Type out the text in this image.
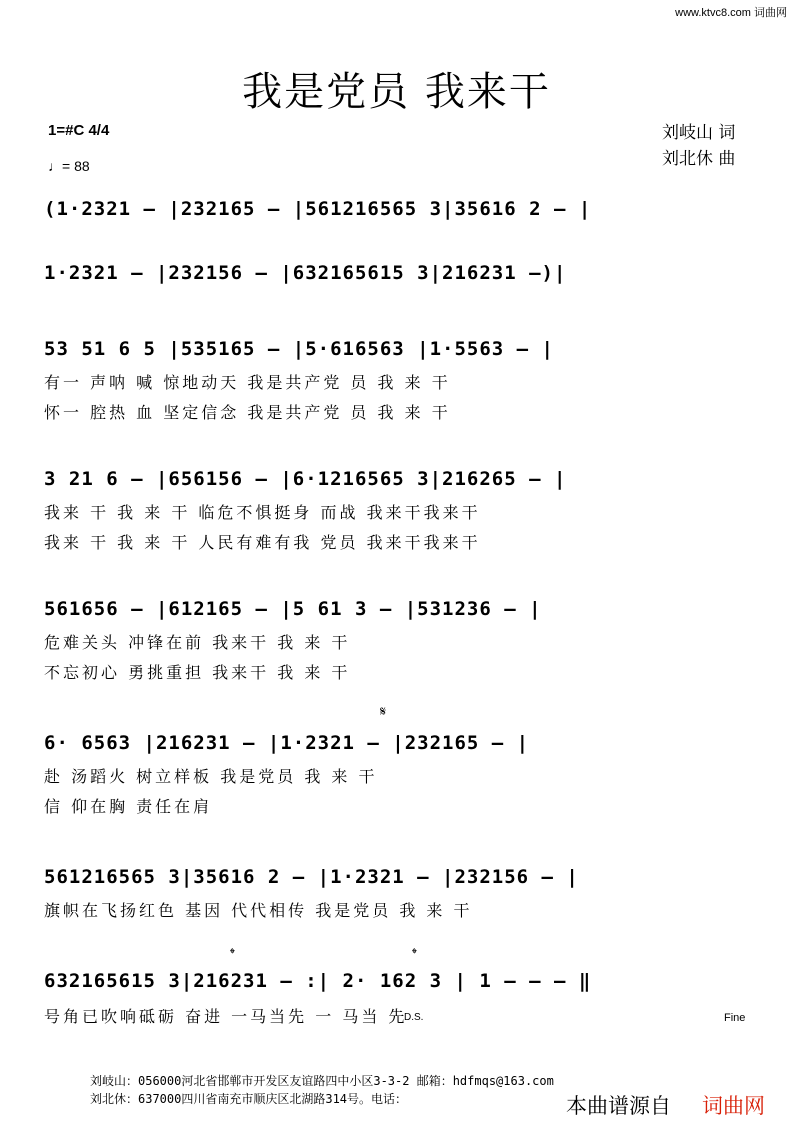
www.ktvc8.com 词曲网
我是党员 我来干
1=#C 4/4
♩= 88
刘岐山 词
刘北休 曲
(1·2321 – |232165 – |561216565 3|35616 2 – |
1·2321 – |232156 – |632165615 3|216231 –)|
53 51 6 5 |535165 – |5·616563 |1·5563 – |
有一 声呐 喊 惊地动天 我是共产党 员 我 来 干
怀一 腔热 血 坚定信念 我是共产党 员 我 来 干
3 21 6 – |656156 – |6·1216565 3|216265 – |
我来 干 我 来 干 临危不惧挺身 而战 我来干我来干
我来 干 我 来 干 人民有难有我 党员 我来干我来干
561656 – |612165 – |5 61 3 – |531236 – |
危难关头 冲锋在前 我来干 我 来 干
不忘初心 勇挑重担 我来干 我 来 干
𝄋
6· 6563 |216231 – |1·2321 – |232165 – |
赴 汤蹈火 树立样板 我是党员 我 来 干
信 仰在胸 责任在肩
561216565 3|35616 2 – |1·2321 – |232156 – |
旗帜在飞扬红色 基因 代代相传 我是党员 我 来 干
𝄌	𝄌
632165615 3|216231 – :| 2· 162 3 | 1 – – – ‖
号角已吹响砥砺 奋进 一马当先 一 马当 先
D.S.	Fine
刘岐山：056000河北省邯郸市开发区友谊路四中小区3-3-2 邮箱：hdfmqs@163.com
刘北休：637000四川省南充市顺庆区北湖路314号。电话：	本曲谱源自 词曲网
